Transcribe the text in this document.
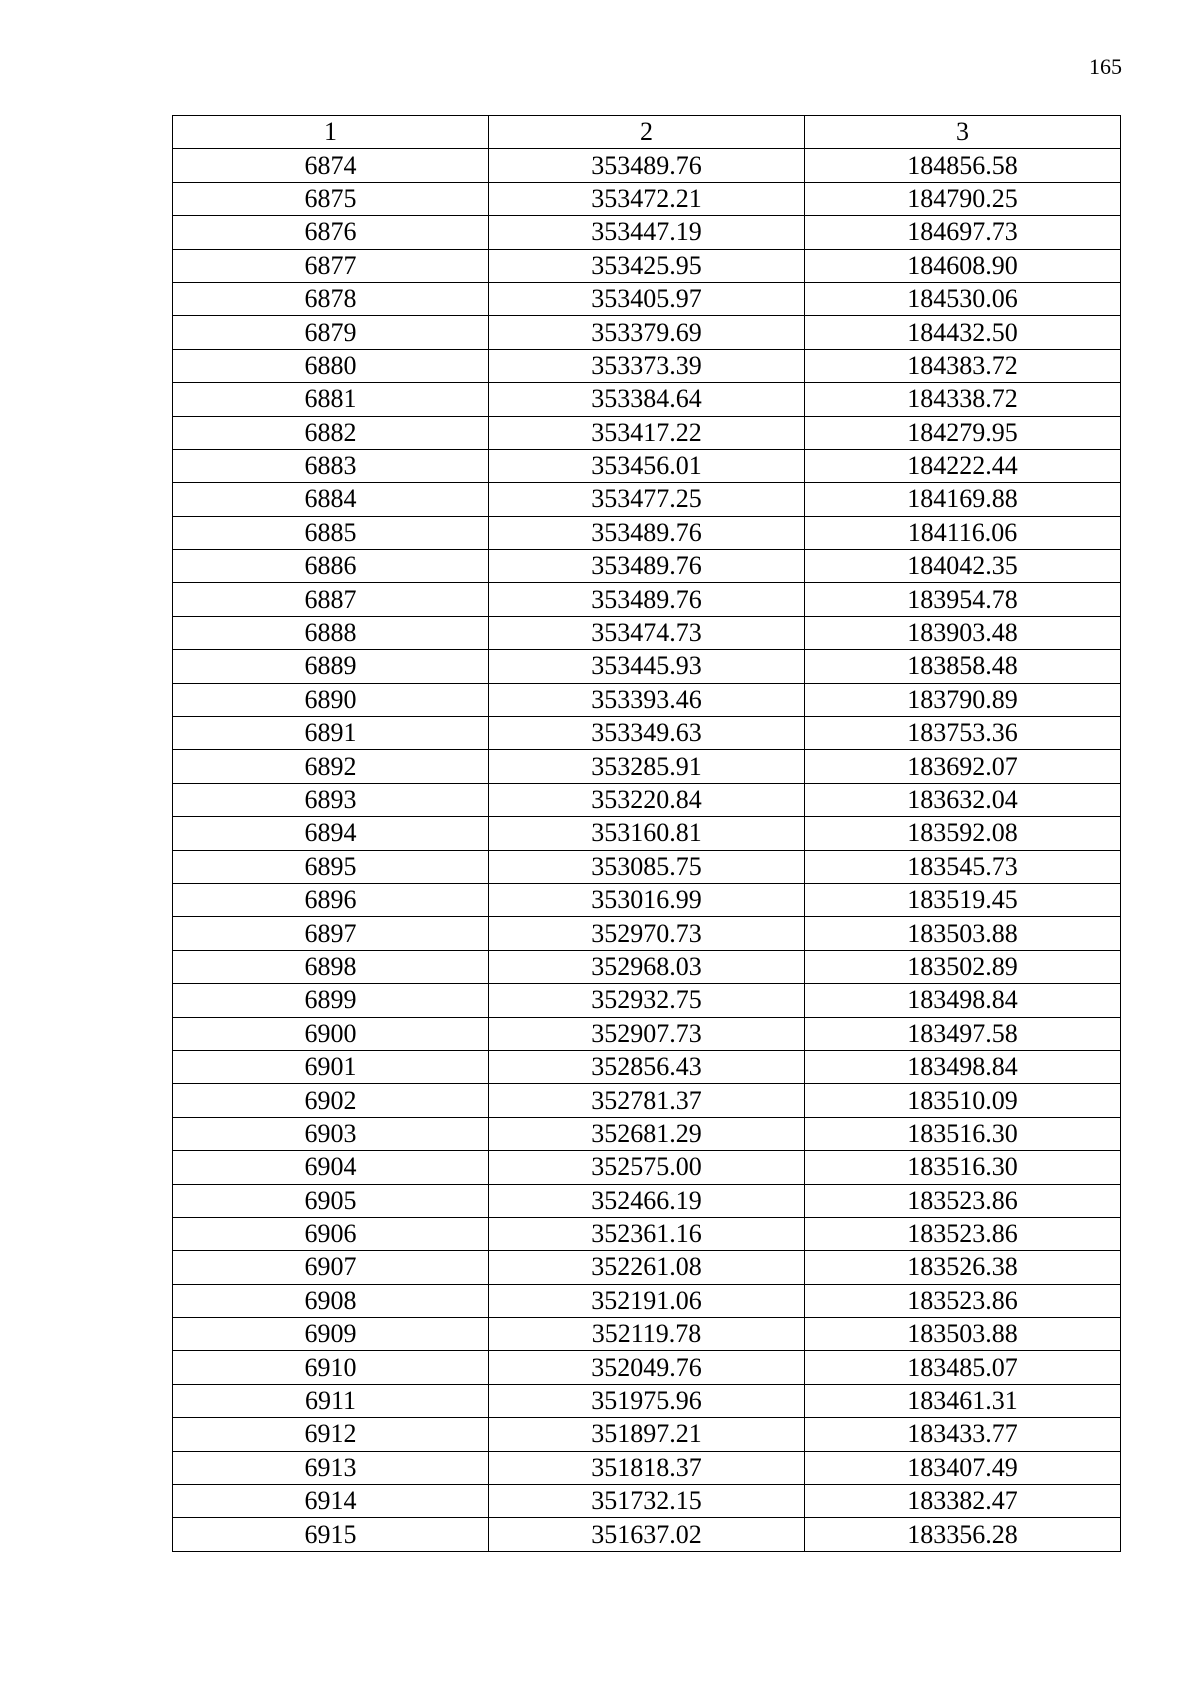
165
1	2	3
6874	353489.76	184856.58
6875	353472.21	184790.25
6876	353447.19	184697.73
6877	353425.95	184608.90
6878	353405.97	184530.06
6879	353379.69	184432.50
6880	353373.39	184383.72
6881	353384.64	184338.72
6882	353417.22	184279.95
6883	353456.01	184222.44
6884	353477.25	184169.88
6885	353489.76	184116.06
6886	353489.76	184042.35
6887	353489.76	183954.78
6888	353474.73	183903.48
6889	353445.93	183858.48
6890	353393.46	183790.89
6891	353349.63	183753.36
6892	353285.91	183692.07
6893	353220.84	183632.04
6894	353160.81	183592.08
6895	353085.75	183545.73
6896	353016.99	183519.45
6897	352970.73	183503.88
6898	352968.03	183502.89
6899	352932.75	183498.84
6900	352907.73	183497.58
6901	352856.43	183498.84
6902	352781.37	183510.09
6903	352681.29	183516.30
6904	352575.00	183516.30
6905	352466.19	183523.86
6906	352361.16	183523.86
6907	352261.08	183526.38
6908	352191.06	183523.86
6909	352119.78	183503.88
6910	352049.76	183485.07
6911	351975.96	183461.31
6912	351897.21	183433.77
6913	351818.37	183407.49
6914	351732.15	183382.47
6915	351637.02	183356.28
